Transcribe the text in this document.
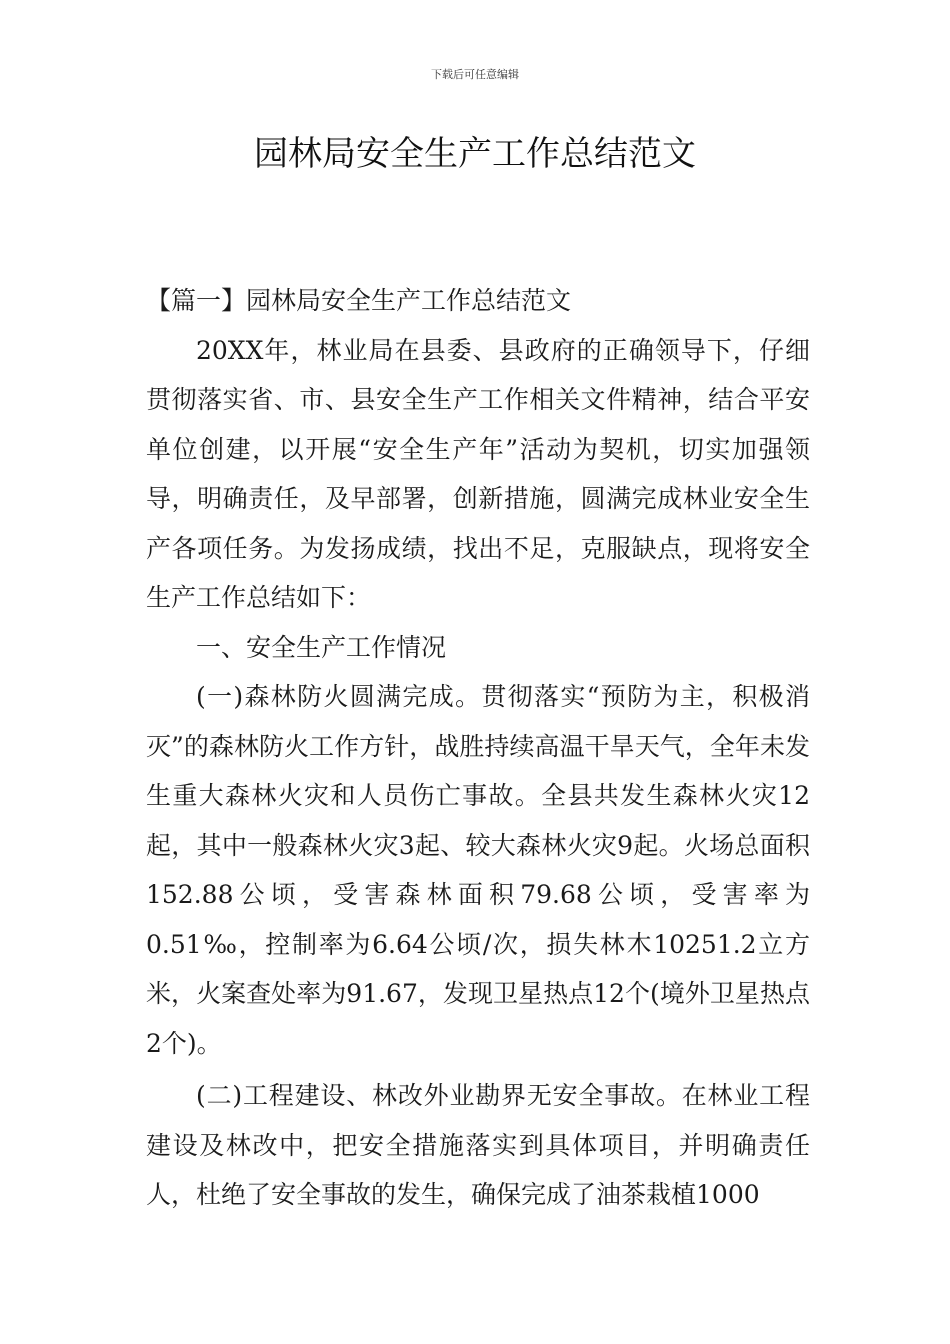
下载后可任意编辑
园林局安全生产工作总结范文

【篇一】园林局安全生产工作总结范文

20XX年，林业局在县委、县政府的正确领导下，仔细贯彻落实省、市、县安全生产工作相关文件精神，结合平安单位创建，以开展“安全生产年”活动为契机，切实加强领导，明确责任，及早部署，创新措施，圆满完成林业安全生产各项任务。为发扬成绩，找出不足，克服缺点，现将安全生产工作总结如下：

一、安全生产工作情况

(一)森林防火圆满完成。贯彻落实“预防为主，积极消灭”的森林防火工作方针，战胜持续高温干旱天气，全年未发生重大森林火灾和人员伤亡事故。全县共发生森林火灾12起，其中一般森林火灾3起、较大森林火灾9起。火场总面积152.88公顷，受害森林面积79.68公顷，受害率为0.51‰，控制率为6.64公顷/次，损失林木10251.2立方米，火案查处率为91.67，发现卫星热点12个(境外卫星热点2个)。

(二)工程建设、林改外业勘界无安全事故。在林业工程建设及林改中，把安全措施落实到具体项目，并明确责任人，杜绝了安全事故的发生，确保完成了油茶栽植1000
